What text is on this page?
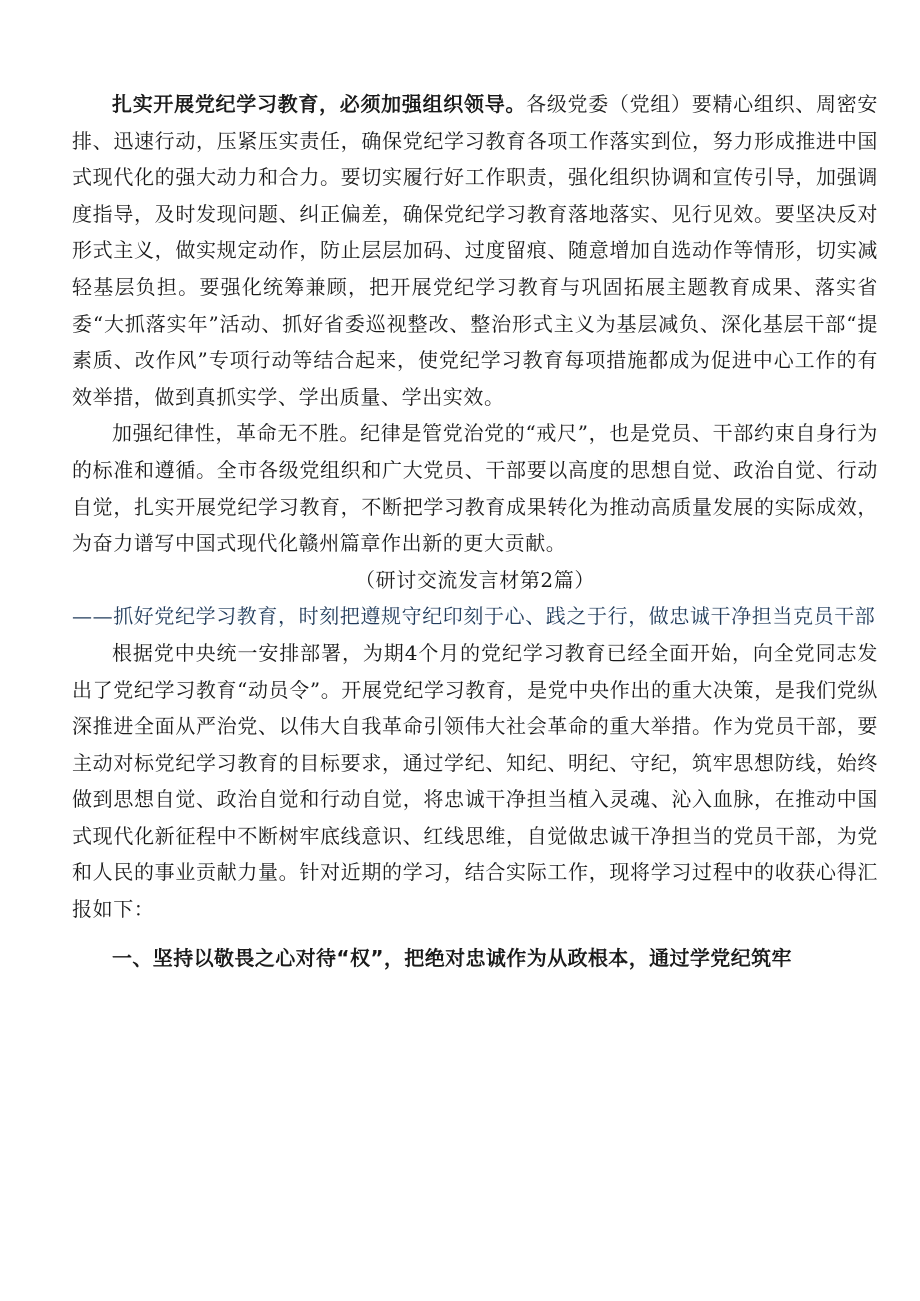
扎实开展党纪学习教育，必须加强组织领导。各级党委（党组）要精心组织、周密安排、迅速行动，压紧压实责任，确保党纪学习教育各项工作落实到位，努力形成推进中国式现代化的强大动力和合力。要切实履行好工作职责，强化组织协调和宣传引导，加强调度指导，及时发现问题、纠正偏差，确保党纪学习教育落地落实、见行见效。要坚决反对形式主义，做实规定动作，防止层层加码、过度留痕、随意增加自选动作等情形，切实减轻基层负担。要强化统筹兼顾，把开展党纪学习教育与巩固拓展主题教育成果、落实省委“大抓落实年”活动、抓好省委巡视整改、整治形式主义为基层减负、深化基层干部“提素质、改作风”专项行动等结合起来，使党纪学习教育每项措施都成为促进中心工作的有效举措，做到真抓实学、学出质量、学出实效。

加强纪律性，革命无不胜。纪律是管党治党的“戒尺”，也是党员、干部约束自身行为的标准和遵循。全市各级党组织和广大党员、干部要以高度的思想自觉、政治自觉、行动自觉，扎实开展党纪学习教育，不断把学习教育成果转化为推动高质量发展的实际成效，为奋力谱写中国式现代化赣州篇章作出新的更大贡献。

（研讨交流发言材第2篇）

——抓好党纪学习教育，时刻把遵规守纪印刻于心、践之于行，做忠诚干净担当克员干部

根据党中央统一安排部署，为期4个月的党纪学习教育已经全面开始，向全党同志发出了党纪学习教育“动员令”。开展党纪学习教育，是党中央作出的重大决策，是我们党纵深推进全面从严治党、以伟大自我革命引领伟大社会革命的重大举措。作为党员干部，要主动对标党纪学习教育的目标要求，通过学纪、知纪、明纪、守纪，筑牢思想防线，始终做到思想自觉、政治自觉和行动自觉，将忠诚干净担当植入灵魂、沁入血脉，在推动中国式现代化新征程中不断树牢底线意识、红线思维，自觉做忠诚干净担当的党员干部，为党和人民的事业贡献力量。针对近期的学习，结合实际工作，现将学习过程中的收获心得汇报如下：

一、坚持以敬畏之心对待“权”，把绝对忠诚作为从政根本，通过学党纪筑牢
